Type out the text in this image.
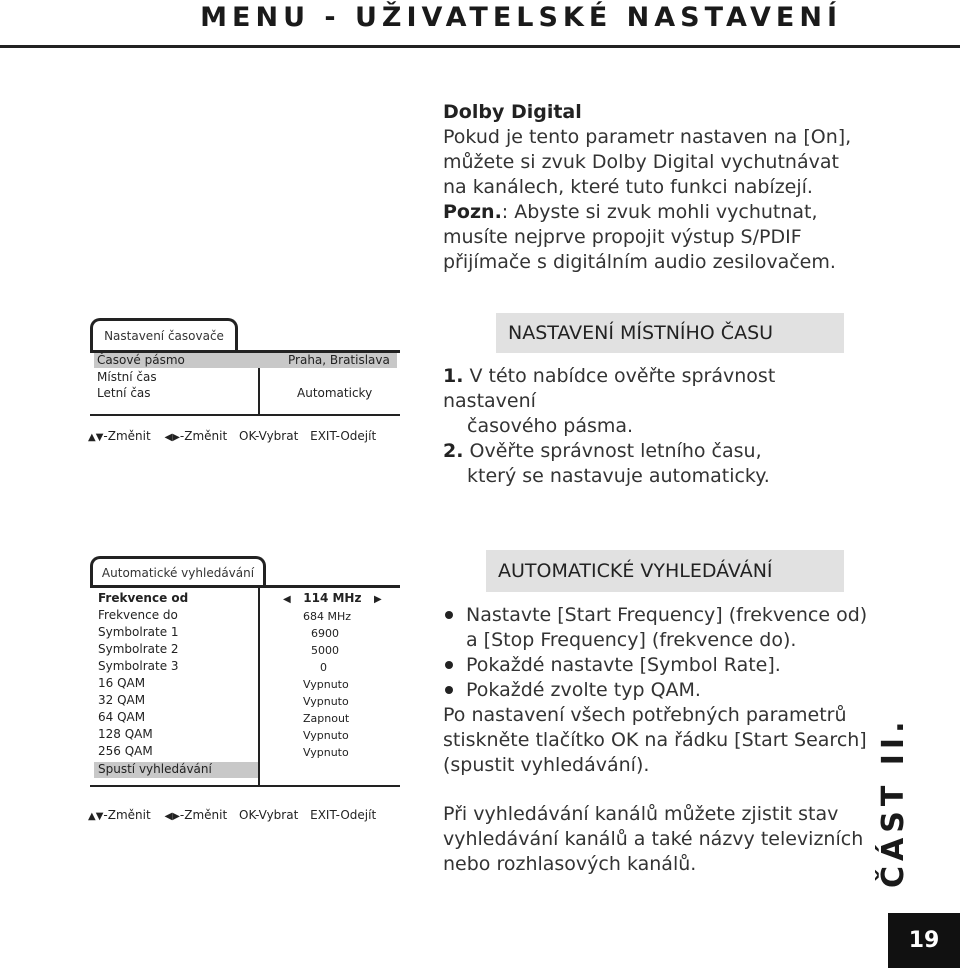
MENU - UŽIVATELSKÉ NASTAVENÍ
Dolby Digital
Pokud je tento parametr nastaven na [On],
můžete si zvuk Dolby Digital vychutnávat
na kanálech, které tuto funkci nabízejí.
Pozn.: Abyste si zvuk mohli vychutnat,
musíte nejprve propojit výstup S/PDIF
přijímače s digitálním audio zesilovačem.
Nastavení časovače
Časové pásmo	Praha, Bratislava
Místní čas
Letní čas	Automaticky
▲▼-Změnit ◀▶-Změnit OK-Vybrat EXIT-Odejít
NASTAVENÍ MÍSTNÍHO ČASU
1. V této nabídce ověřte správnost nastavení
časového pásma.
2. Ověřte správnost letního času,
který se nastavuje automaticky.
Automatické vyhledávání
Frekvence od	◀ 114 MHz ▶
Frekvence do	684 MHz
Symbolrate 1	6900
Symbolrate 2	5000
Symbolrate 3	0
16 QAM	Vypnuto
32 QAM	Vypnuto
64 QAM	Zapnout
128 QAM	Vypnuto
256 QAM	Vypnuto
Spustí vyhledávání
▲▼-Změnit ◀▶-Změnit OK-Vybrat EXIT-Odejít
AUTOMATICKÉ VYHLEDÁVÁNÍ
Nastavte [Start Frequency] (frekvence od)
a [Stop Frequency] (frekvence do).
Pokaždé nastavte [Symbol Rate].
Pokaždé zvolte typ QAM.
Po nastavení všech potřebných parametrů
stiskněte tlačítko OK na řádku [Start Search]
(spustit vyhledávání).
Při vyhledávání kanálů můžete zjistit stav
vyhledávání kanálů a také názvy televizních
nebo rozhlasových kanálů.	ČÁST II.
19
